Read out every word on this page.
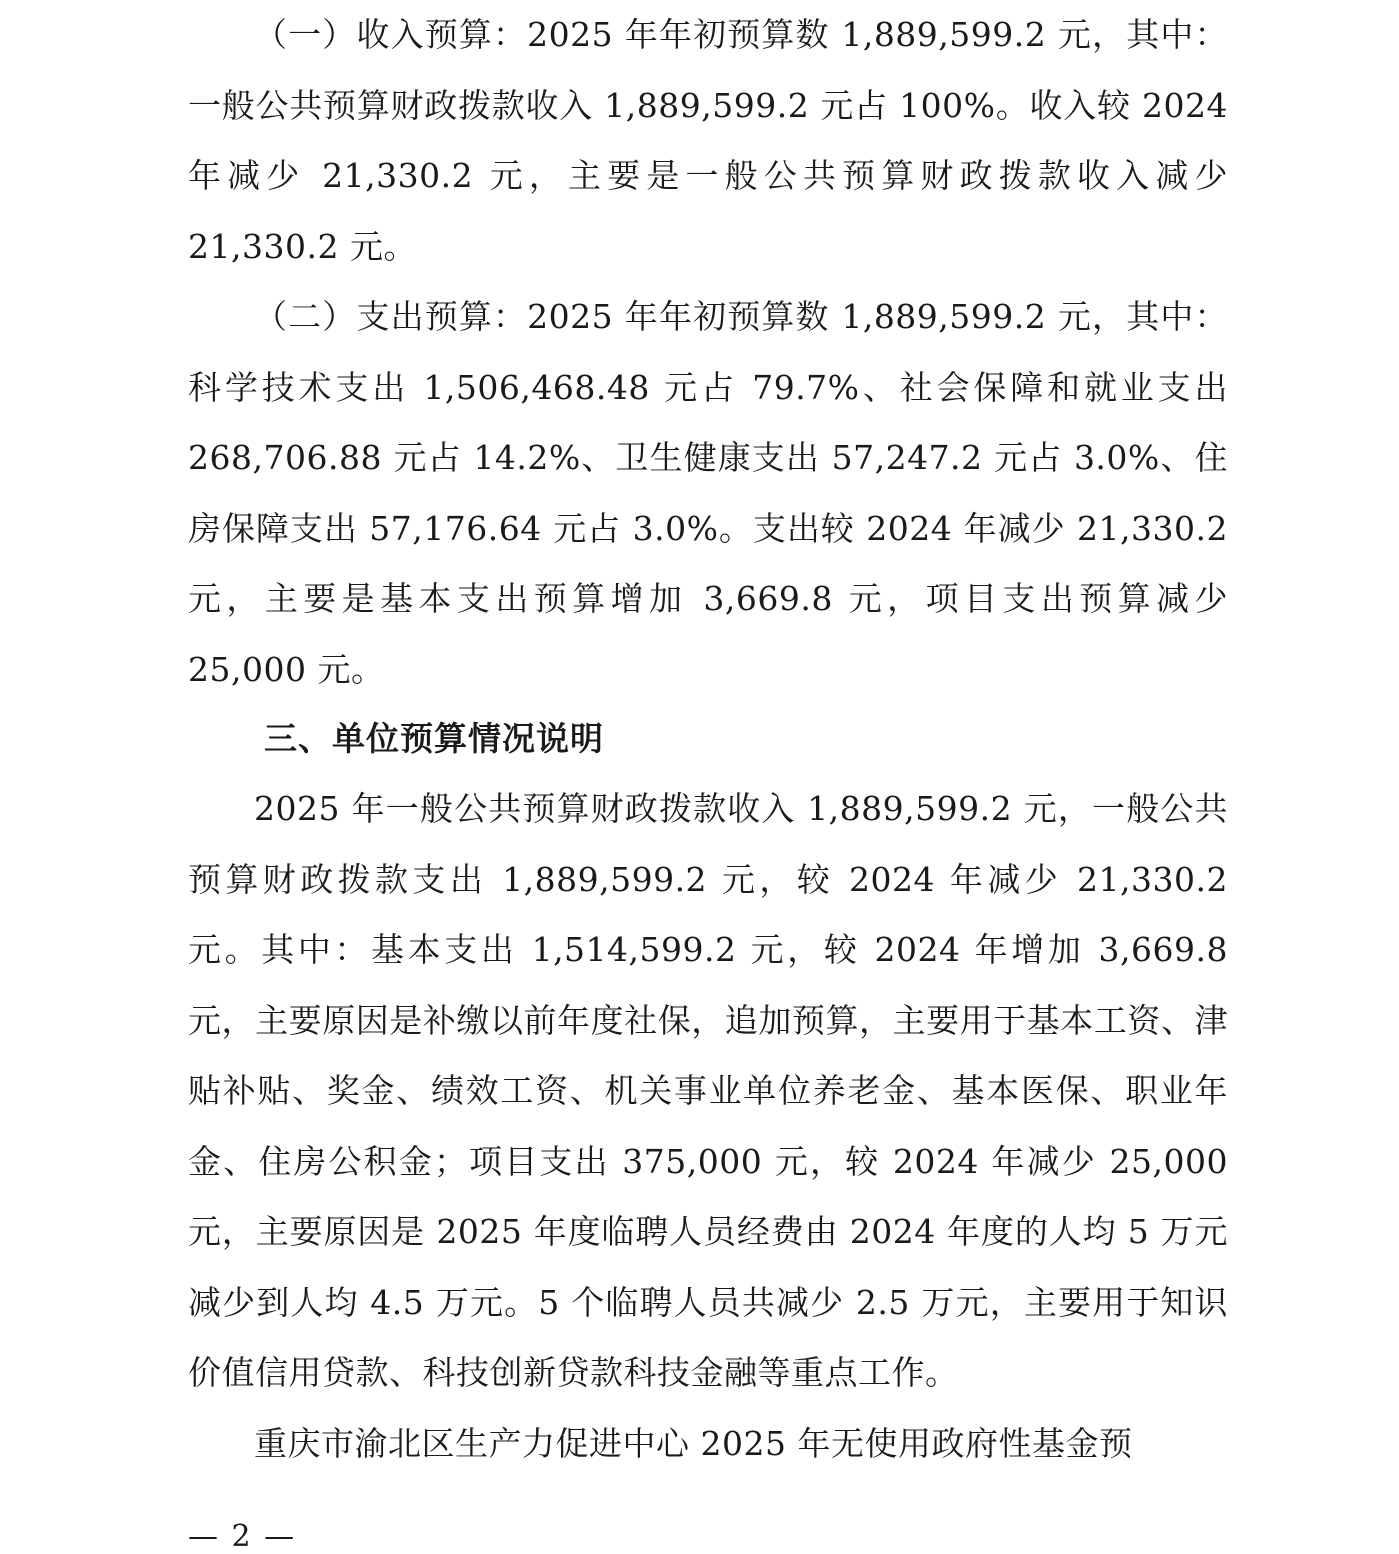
（一）收入预算：2025 年年初预算数 1,889,599.2 元，其中：一般公共预算财政拨款收入 1,889,599.2 元占 100%。收入较 2024 年减少 21,330.2 元，主要是一般公共预算财政拨款收入减少 21,330.2 元。

（二）支出预算：2025 年年初预算数 1,889,599.2 元，其中：科学技术支出 1,506,468.48 元占 79.7%、社会保障和就业支出 268,706.88 元占 14.2%、卫生健康支出 57,247.2 元占 3.0%、住房保障支出 57,176.64 元占 3.0%。支出较 2024 年减少 21,330.2 元，主要是基本支出预算增加 3,669.8 元，项目支出预算减少 25,000 元。

三、单位预算情况说明

2025 年一般公共预算财政拨款收入 1,889,599.2 元，一般公共预算财政拨款支出 1,889,599.2 元，较 2024 年减少 21,330.2 元。其中：基本支出 1,514,599.2 元，较 2024 年增加 3,669.8 元，主要原因是补缴以前年度社保，追加预算，主要用于基本工资、津贴补贴、奖金、绩效工资、机关事业单位养老金、基本医保、职业年金、住房公积金；项目支出 375,000 元，较 2024 年减少 25,000 元，主要原因是 2025 年度临聘人员经费由 2024 年度的人均 5 万元减少到人均 4.5 万元。5 个临聘人员共减少 2.5 万元，主要用于知识价值信用贷款、科技创新贷款科技金融等重点工作。

重庆市渝北区生产力促进中心 2025 年无使用政府性基金预

— 2 —
